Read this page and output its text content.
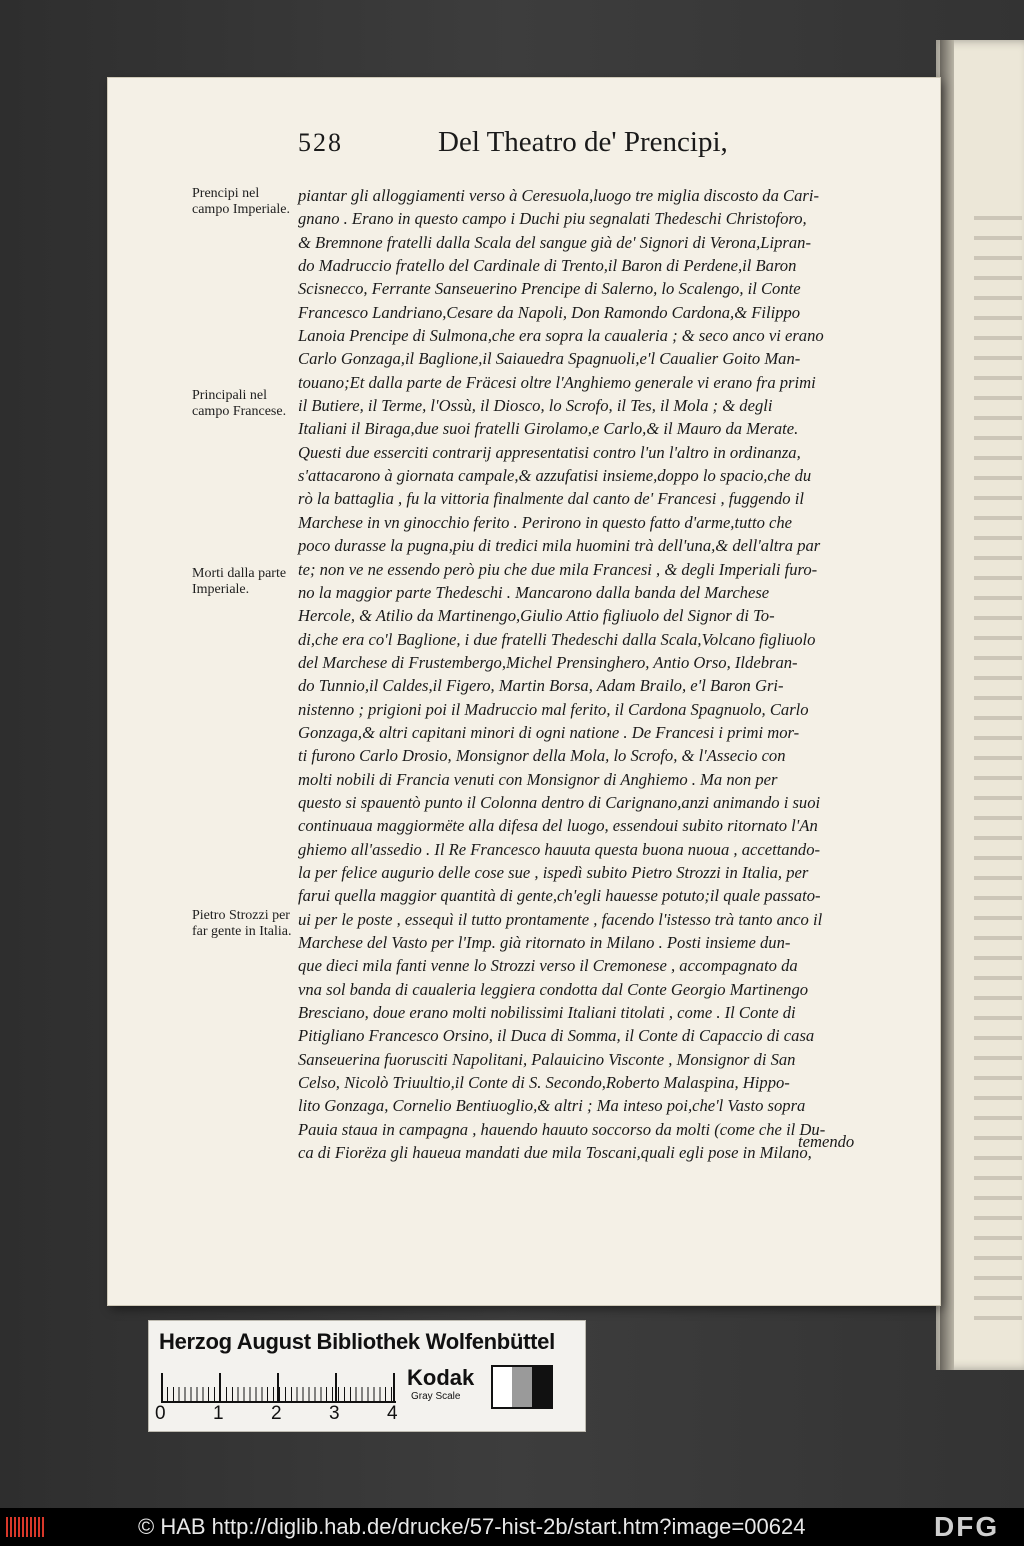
528	Del Theatro de' Prencipi,
Prencipi nel campo Imperiale.
Principali nel campo Francese.
Morti dalla parte Imperiale.
Pietro Strozzi per far gente in Italia.
piantar gli alloggiamenti verso à Ceresuola,luogo tre miglia discosto da Cari-
gnano . Erano in questo campo i Duchi piu segnalati Thedeschi Christoforo,
& Bremnone fratelli dalla Scala del sangue già de' Signori di Verona,Lipran-
do Madruccio fratello del Cardinale di Trento,il Baron di Perdene,il Baron
Scisnecco, Ferrante Sanseuerino Prencipe di Salerno, lo Scalengo, il Conte
Francesco Landriano,Cesare da Napoli, Don Ramondo Cardona,& Filippo
Lanoia Prencipe di Sulmona,che era sopra la caualeria ; & seco anco vi erano
Carlo Gonzaga,il Baglione,il Saiauedra Spagnuoli,e'l Caualier Goito Man-
touano;Et dalla parte de Fräcesi oltre l'Anghiemo generale vi erano fra primi
il Butiere, il Terme, l'Ossù, il Diosco, lo Scrofo, il Tes, il Mola ; & degli
Italiani il Biraga,due suoi fratelli Girolamo,e Carlo,& il Mauro da Merate.
Questi due esserciti contrarij appresentatisi contro l'un l'altro in ordinanza,
s'attacarono à giornata campale,& azzufatisi insieme,doppo lo spacio,che du
rò la battaglia , fu la vittoria finalmente dal canto de' Francesi , fuggendo il
Marchese in vn ginocchio ferito . Perirono in questo fatto d'arme,tutto che
poco durasse la pugna,piu di tredici mila huomini trà dell'una,& dell'altra par
te; non ve ne essendo però piu che due mila Francesi , & degli Imperiali furo-
no la maggior parte Thedeschi . Mancarono dalla banda del Marchese
Hercole, & Atilio da Martinengo,Giulio Attio figliuolo del Signor di To-
di,che era co'l Baglione, i due fratelli Thedeschi dalla Scala,Volcano figliuolo
del Marchese di Frustembergo,Michel Prensinghero, Antio Orso, Ildebran-
do Tunnio,il Caldes,il Figero, Martin Borsa, Adam Brailo, e'l Baron Gri-
nistenno ; prigioni poi il Madruccio mal ferito, il Cardona Spagnuolo, Carlo
Gonzaga,& altri capitani minori di ogni natione . De Francesi i primi mor-
ti furono Carlo Drosio, Monsignor della Mola, lo Scrofo, & l'Assecio con
molti nobili di Francia venuti con Monsignor di Anghiemo . Ma non per
questo si spauentò punto il Colonna dentro di Carignano,anzi animando i suoi
continuaua maggiormëte alla difesa del luogo, essendoui subito ritornato l'An
ghiemo all'assedio . Il Re Francesco hauuta questa buona nuoua , accettando-
la per felice augurio delle cose sue , ispedì subito Pietro Strozzi in Italia, per
farui quella maggior quantità di gente,ch'egli hauesse potuto;il quale passato-
ui per le poste , essequì il tutto prontamente , facendo l'istesso trà tanto anco il
Marchese del Vasto per l'Imp. già ritornato in Milano . Posti insieme dun-
que dieci mila fanti venne lo Strozzi verso il Cremonese , accompagnato da
vna sol banda di caualeria leggiera condotta dal Conte Georgio Martinengo
Bresciano, doue erano molti nobilissimi Italiani titolati , come . Il Conte di
Pitigliano Francesco Orsino, il Duca di Somma, il Conte di Capaccio di casa
Sanseuerina fuorusciti Napolitani, Palauicino Visconte , Monsignor di San
Celso, Nicolò Triuultio,il Conte di S. Secondo,Roberto Malaspina, Hippo-
lito Gonzaga, Cornelio Bentiuoglio,& altri ; Ma inteso poi,che'l Vasto sopra
Pauia staua in campagna , hauendo hauuto soccorso da molti (come che il Du-
ca di Fiorëza gli haueua mandati due mila Toscani,quali egli pose in Milano,
temendo
Herzog August Bibliothek Wolfenbüttel
0 1 2 3 4
Kodak
Gray Scale
© HAB http://diglib.hab.de/drucke/57-hist-2b/start.htm?image=00624	DFG
